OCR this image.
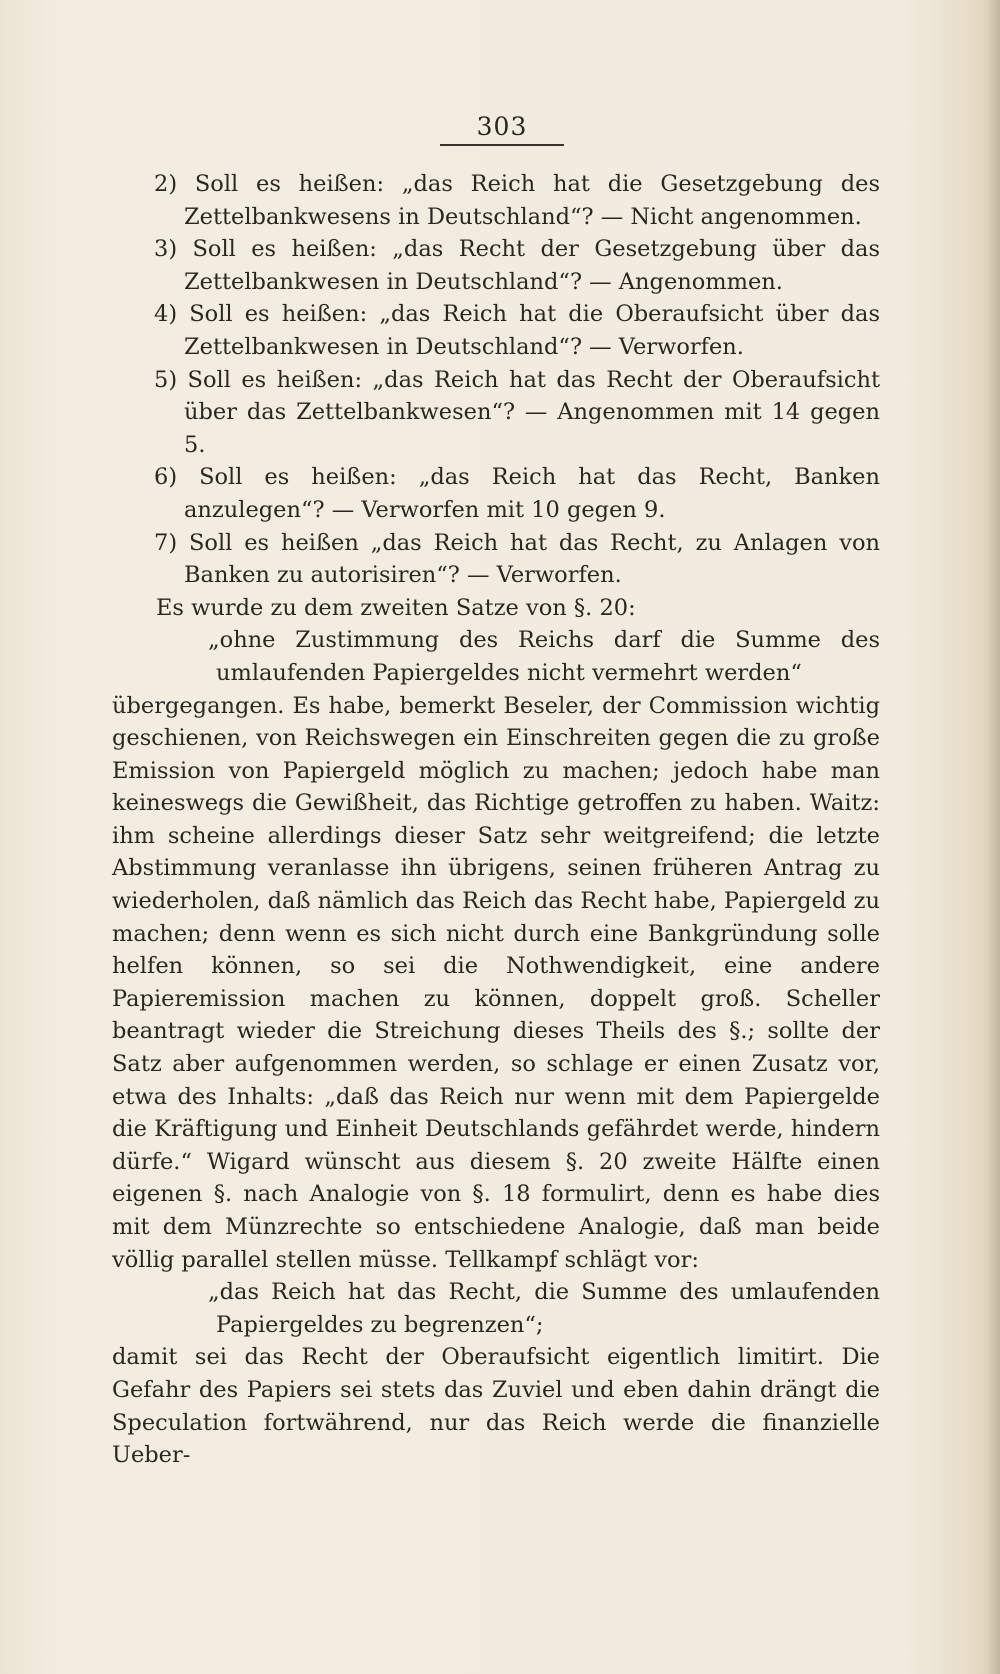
303

2) Soll es heißen: „das Reich hat die Gesetzgebung des Zettelbankwesens in Deutschland“? — Nicht angenommen.

3) Soll es heißen: „das Recht der Gesetzgebung über das Zettelbankwesen in Deutschland“? — Angenommen.

4) Soll es heißen: „das Reich hat die Oberaufsicht über das Zettelbankwesen in Deutschland“? — Verworfen.

5) Soll es heißen: „das Reich hat das Recht der Oberaufsicht über das Zettelbankwesen“? — Angenommen mit 14 gegen 5.

6) Soll es heißen: „das Reich hat das Recht, Banken anzulegen“? — Verworfen mit 10 gegen 9.

7) Soll es heißen „das Reich hat das Recht, zu Anlagen von Banken zu autorisiren“? — Verworfen.

Es wurde zu dem zweiten Satze von §. 20:

„ohne Zustimmung des Reichs darf die Summe des umlaufenden Papiergeldes nicht vermehrt werden“

übergegangen. Es habe, bemerkt Beseler, der Commission wichtig geschienen, von Reichswegen ein Einschreiten gegen die zu große Emission von Papiergeld möglich zu machen; jedoch habe man keineswegs die Gewißheit, das Richtige getroffen zu haben. Waitz: ihm scheine allerdings dieser Satz sehr weitgreifend; die letzte Abstimmung veranlasse ihn übrigens, seinen früheren Antrag zu wiederholen, daß nämlich das Reich das Recht habe, Papiergeld zu machen; denn wenn es sich nicht durch eine Bankgründung solle helfen können, so sei die Nothwendigkeit, eine andere Papieremission machen zu können, doppelt groß. Scheller beantragt wieder die Streichung dieses Theils des §.; sollte der Satz aber aufgenommen werden, so schlage er einen Zusatz vor, etwa des Inhalts: „daß das Reich nur wenn mit dem Papiergelde die Kräftigung und Einheit Deutschlands gefährdet werde, hindern dürfe.“ Wigard wünscht aus diesem §. 20 zweite Hälfte einen eigenen §. nach Analogie von §. 18 formulirt, denn es habe dies mit dem Münzrechte so entschiedene Analogie, daß man beide völlig parallel stellen müsse. Tellkampf schlägt vor:

„das Reich hat das Recht, die Summe des umlaufenden Papiergeldes zu begrenzen“;

damit sei das Recht der Oberaufsicht eigentlich limitirt. Die Gefahr des Papiers sei stets das Zuviel und eben dahin drängt die Speculation fortwährend, nur das Reich werde die finanzielle Ueber-
